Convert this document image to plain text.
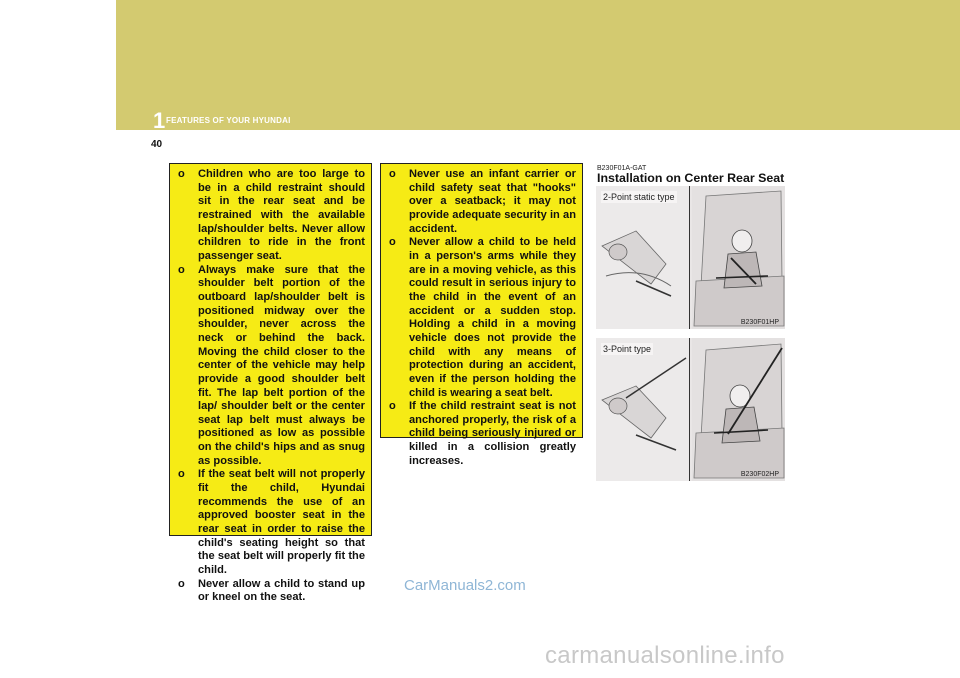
1 FEATURES OF YOUR HYUNDAI
40
o Children who are too large to be in a child restraint should sit in the rear seat and be restrained with the available lap/shoulder belts. Never allow children to ride in the front passenger seat.
o Always make sure that the shoulder belt portion of the outboard lap/shoulder belt is positioned midway over the shoulder, never across the neck or behind the back. Moving the child closer to the center of the vehicle may help provide a good shoulder belt fit. The lap belt portion of the lap/ shoulder belt or the center seat lap belt must always be positioned as low as possible on the child's hips and as snug as possible.
o If the seat belt will not properly fit the child, Hyundai recommends the use of an approved booster seat in the rear seat in order to raise the child's seating height so that the seat belt will properly fit the child.
o Never allow a child to stand up or kneel on the seat.
o Never use an infant carrier or child safety seat that "hooks" over a seatback; it may not provide adequate security in an accident.
o Never allow a child to be held in a person's arms while they are in a moving vehicle, as this could result in serious injury to the child in the event of an accident or a sudden stop. Holding a child in a moving vehicle does not provide the child with any means of protection during an accident, even if the person holding the child is wearing a seat belt.
o If the child restraint seat is not anchored properly, the risk of a child being seriously injured or killed in a collision greatly increases.
B230F01A-GAT
Installation on Center Rear Seat
2-Point static type
B230F01HP
3-Point type
B230F02HP
CarManuals2.com
carmanualsonline.info
